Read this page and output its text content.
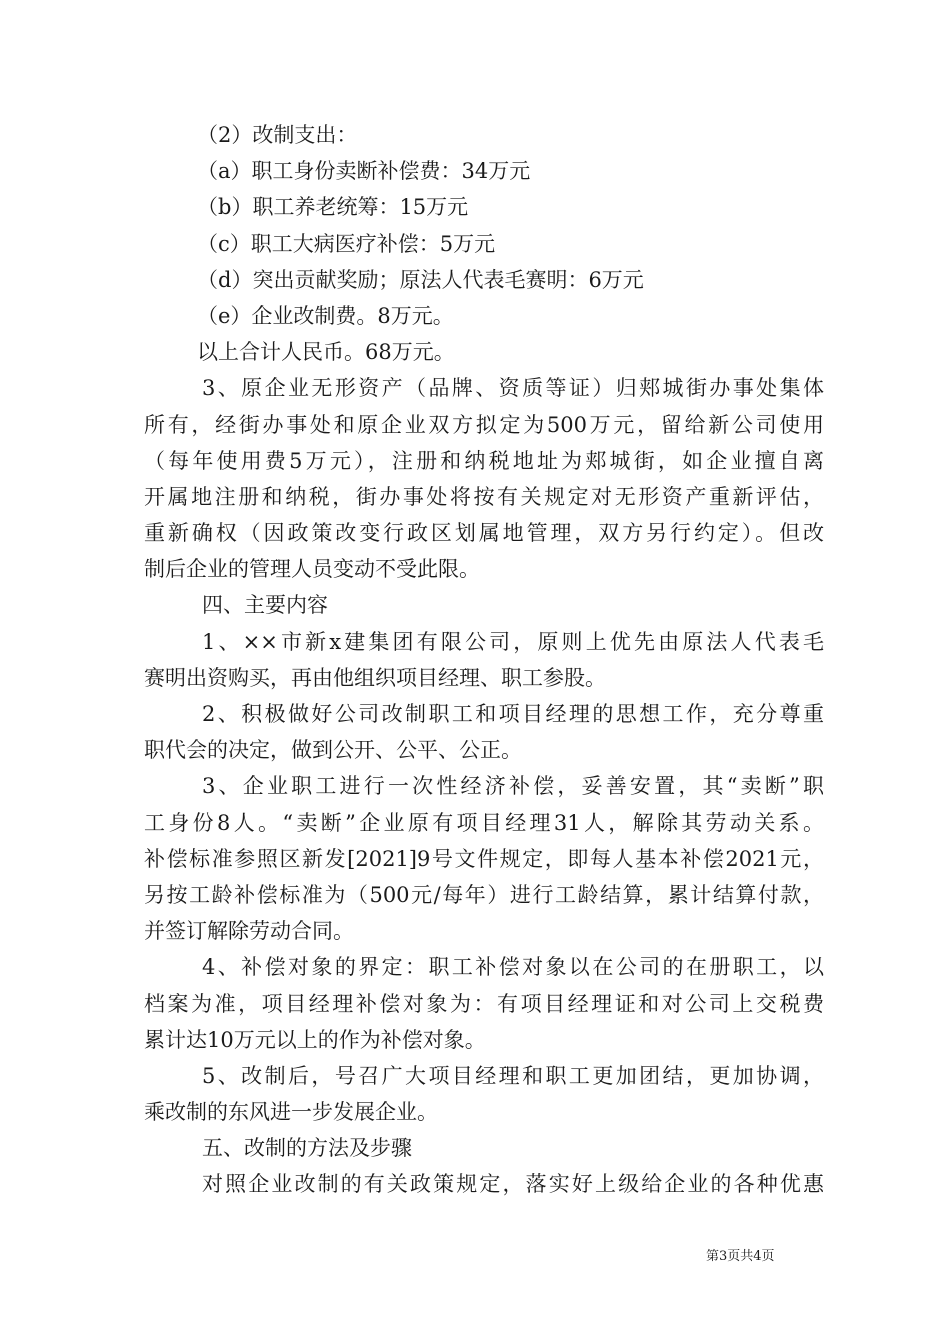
（2）改制支出：
（a）职工身份卖断补偿费：34万元
（b）职工养老统筹：15万元
（c）职工大病医疗补偿：5万元
（d）突出贡献奖励；原法人代表毛赛明：6万元
（e）企业改制费。8万元。
以上合计人民币。68万元。
3、原企业无形资产（品牌、资质等证）归郏城街办事处集体
所有，经街办事处和原企业双方拟定为500万元，留给新公司使用
（每年使用费5万元），注册和纳税地址为郏城街，如企业擅自离
开属地注册和纳税，街办事处将按有关规定对无形资产重新评估，
重新确权（因政策改变行政区划属地管理，双方另行约定）。但改
制后企业的管理人员变动不受此限。
四、主要内容
1、××市新x建集团有限公司，原则上优先由原法人代表毛
赛明出资购买，再由他组织项目经理、职工参股。
2、积极做好公司改制职工和项目经理的思想工作，充分尊重
职代会的决定，做到公开、公平、公正。
3、企业职工进行一次性经济补偿，妥善安置，其“卖断”职
工身份8人。“卖断”企业原有项目经理31人，解除其劳动关系。
补偿标准参照区新发[2021]9号文件规定，即每人基本补偿2021元，
另按工龄补偿标准为（500元/每年）进行工龄结算，累计结算付款，
并签订解除劳动合同。
4、补偿对象的界定：职工补偿对象以在公司的在册职工，以
档案为准，项目经理补偿对象为：有项目经理证和对公司上交税费
累计达10万元以上的作为补偿对象。
5、改制后，号召广大项目经理和职工更加团结，更加协调，
乘改制的东风进一步发展企业。
五、改制的方法及步骤
对照企业改制的有关政策规定，落实好上级给企业的各种优惠
第3页共4页
